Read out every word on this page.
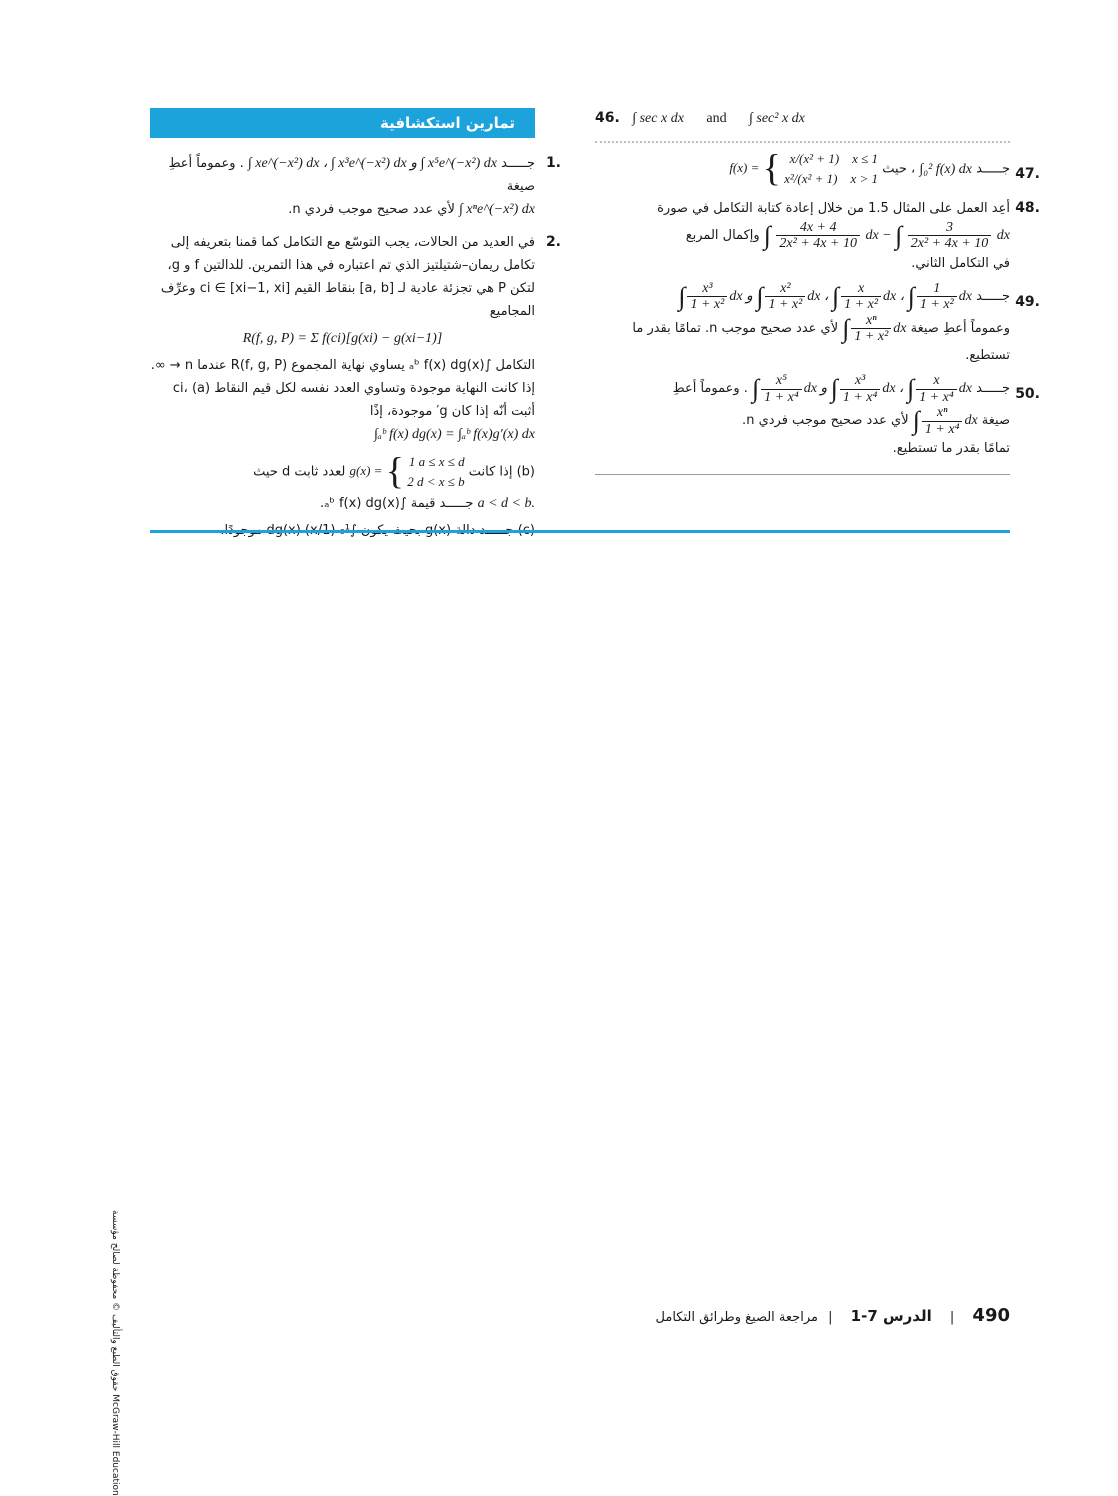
تمارين استكشافية
1.
جـــــد ∫ xe^(−x²) dx ، ∫ x³e^(−x²) dx و ∫ x⁵e^(−x²) dx . وعموماً أعطِ صيغة
∫ xⁿe^(−x²) dx لأي عدد صحيح موجب فردي n.
2.
في العديد من الحالات، يجب التوسّع مع التكامل كما قمنا بتعريفه إلى تكامل ريمان–شتيلتيز الذي تم اعتباره في هذا التمرين. للدالتين f و g، لتكن P هي تجزئة عادية لـ [a, b] بنقاط القيم ci ∈ [xi−1, xi] وعرِّف المجاميع
R(f, g, P) = Σ f(ci)[g(xi) − g(xi−1)]
التكامل ∫ₐᵇ f(x) dg(x) يساوي نهاية المجموع R(f, g, P) عندما n → ∞. إذا كانت النهاية موجودة وتساوي العدد نفسه لكل قيم النقاط ci، (a) أثبت أنّه إذا كان g′ موجودة، إذًا
∫ₐᵇ f(x) dg(x) = ∫ₐᵇ f(x)g′(x) dx
(b) إذا كانت g(x) = { 1 a ≤ x ≤ d
2 d < x ≤ b
لعدد ثابت d حيث
a < d < b. جـــــد قيمة ∫ₐᵇ f(x) dg(x).
46. ∫ sec x dx and ∫ sec² x dx
47.
جـــــد ∫₀² f(x) dx ، حيث f(x) = { x/(x² + 1) x ≤ 1
x²/(x² + 1) x > 1
48.
أعِد العمل على المثال 1.5 من خلال إعادة كتابة التكامل في صورة
∫ $\frac{4x + 4}{\text{2x² + 4x + 10}}$ dx − ∫ $\frac{3}{\text{2x² + 4x + 10}}$ dx وإكمال المربع
في التكامل الثاني.
49.
جـــــد ∫ $\frac{\text{x³}}{\text{1 + x²}}$ dx و ∫ $\frac{\text{x²}}{\text{1 + x²}}$ dx ، ∫ $\frac{x}{\text{1 + x²}}$ dx ، ∫ $\frac{1}{\text{1 + x²}}$ dx
وعموماً أعطِ صيغة ∫ $\frac{\text{xⁿ}}{\text{1 + x²}}$ dx لأي عدد صحيح موجب n. تمامًا بقدر ما تستطيع.
50.
جـــــد ∫ $\frac{\text{x⁵}}{\text{1 + x⁴}}$ dx و ∫ $\frac{\text{x³}}{\text{1 + x⁴}}$ dx ، ∫ $\frac{x}{\text{1 + x⁴}}$ dx . وعموماً أعطِ
صيغة ∫ $\frac{\text{xⁿ}}{\text{1 + x⁴}}$ dx لأي عدد صحيح موجب فردي n.
تمامًا بقدر ما تستطيع.
حقوق الطبع والتأليف © محفوظة لصالح مؤسسة McGraw-Hill Education
490 | الدرس 7-1 | مراجعة الصيغ وطرائق التكامل
